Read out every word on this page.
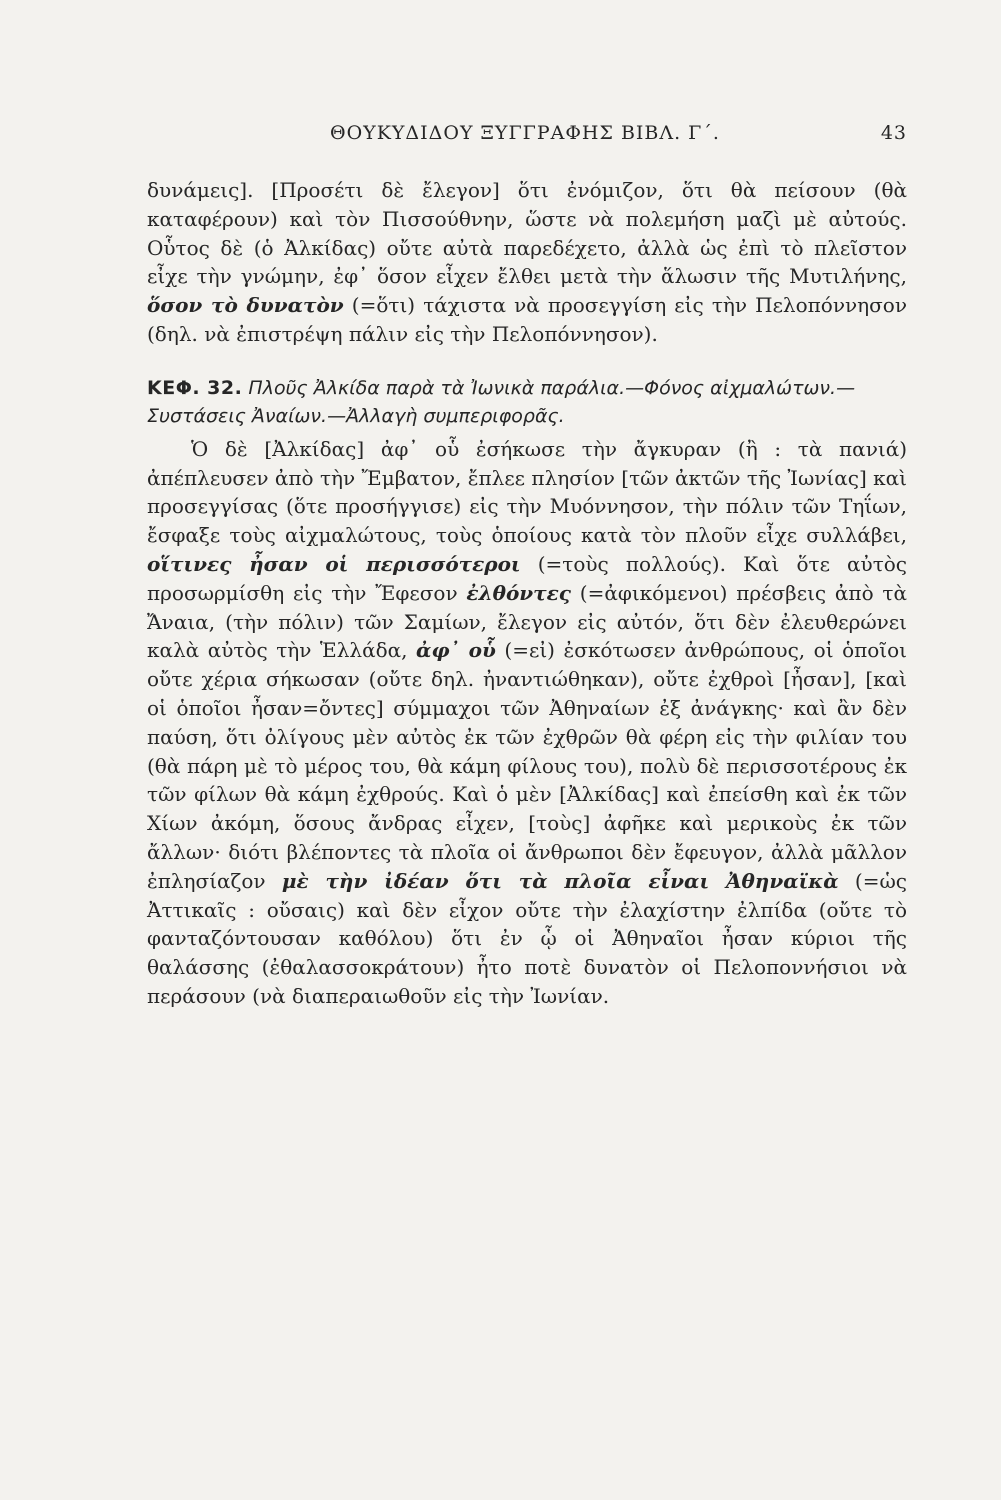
ΘΟΥΚΥΔΙΔΟΥ ΞΥΓΓΡΑΦΗΣ ΒΙΒΛ. Γ΄.	43

δυνάμεις]. [Προσέτι δὲ ἔλεγον] ὅτι ἐνόμιζον, ὅτι θὰ πείσουν (θὰ καταφέρουν) καὶ τὸν Πισσούθνην, ὥστε νὰ πολεμήση μαζὶ μὲ αὐτούς. Οὗτος δὲ (ὁ Ἀλκίδας) οὔτε αὐτὰ παρεδέχετο, ἀλλὰ ὡς ἐπὶ τὸ πλεῖστον εἶχε τὴν γνώμην, ἐφ᾽ ὅσον εἶχεν ἔλθει μετὰ τὴν ἅλωσιν τῆς Μυτιλήνης, ὅσον τὸ δυνατὸν (=ὅτι) τάχιστα νὰ προσεγγίση εἰς τὴν Πελοπόννησον (δηλ. νὰ ἐπιστρέψη πάλιν εἰς τὴν Πελοπόννησον).

ΚΕΦ. 32. Πλοῦς Ἀλκίδα παρὰ τὰ Ἰωνικὰ παράλια.—Φόνος αἰχμαλώτων.—Συστάσεις Ἀναίων.—Ἀλλαγὴ συμπεριφορᾶς.

Ὁ δὲ [Ἀλκίδας] ἀφ᾽ οὗ ἐσήκωσε τὴν ἄγκυραν (ἢ : τὰ πανιά) ἀπέπλευσεν ἀπὸ τὴν Ἔμβατον, ἔπλεε πλησίον [τῶν ἀκτῶν τῆς Ἰωνίας] καὶ προσεγγίσας (ὅτε προσήγγισε) εἰς τὴν Μυόννησον, τὴν πόλιν τῶν Τηΐων, ἔσφαξε τοὺς αἰχμαλώτους, τοὺς ὁποίους κατὰ τὸν πλοῦν εἶχε συλλάβει, οἵτινες ἦσαν οἱ περισσότεροι (=τοὺς πολλούς). Καὶ ὅτε αὐτὸς προσωρμίσθη εἰς τὴν Ἔφεσον ἐλθόντες (=ἀφικόμενοι) πρέσβεις ἀπὸ τὰ Ἄναια, (τὴν πόλιν) τῶν Σαμίων, ἔλεγον εἰς αὐτόν, ὅτι δὲν ἐλευθερώνει καλὰ αὐτὸς τὴν Ἑλλάδα, ἀφ᾽ οὗ (=εἰ) ἐσκότωσεν ἀνθρώπους, οἱ ὁποῖοι οὔτε χέρια σήκωσαν (οὔτε δηλ. ἠναντιώθηκαν), οὔτε ἐχθροὶ [ἦσαν], [καὶ οἱ ὁποῖοι ἦσαν=ὄντες] σύμμαχοι τῶν Ἀθηναίων ἐξ ἀνάγκης· καὶ ἂν δὲν παύση, ὅτι ὀλίγους μὲν αὐτὸς ἐκ τῶν ἐχθρῶν θὰ φέρη εἰς τὴν φιλίαν του (θὰ πάρη μὲ τὸ μέρος του, θὰ κάμη φίλους του), πολὺ δὲ περισσοτέρους ἐκ τῶν φίλων θὰ κάμη ἐχθρούς. Καὶ ὁ μὲν [Ἀλκίδας] καὶ ἐπείσθη καὶ ἐκ τῶν Χίων ἀκόμη, ὅσους ἄνδρας εἶχεν, [τοὺς] ἀφῆκε καὶ μερικοὺς ἐκ τῶν ἄλλων· διότι βλέποντες τὰ πλοῖα οἱ ἄνθρωποι δὲν ἔφευγον, ἀλλὰ μᾶλλον ἐπλησίαζον μὲ τὴν ἰδέαν ὅτι τὰ πλοῖα εἶναι Ἀθηναϊκὰ (=ὡς Ἀττικαῖς : οὔσαις) καὶ δὲν εἶχον οὔτε τὴν ἐλαχίστην ἐλπίδα (οὔτε τὸ φανταζόντουσαν καθόλου) ὅτι ἐν ᾧ οἱ Ἀθηναῖοι ἦσαν κύριοι τῆς θαλάσσης (ἐθαλασσοκράτουν) ἦτο ποτὲ δυνατὸν οἱ Πελοποννήσιοι νὰ περάσουν (νὰ διαπεραιωθοῦν εἰς τὴν Ἰωνίαν.
